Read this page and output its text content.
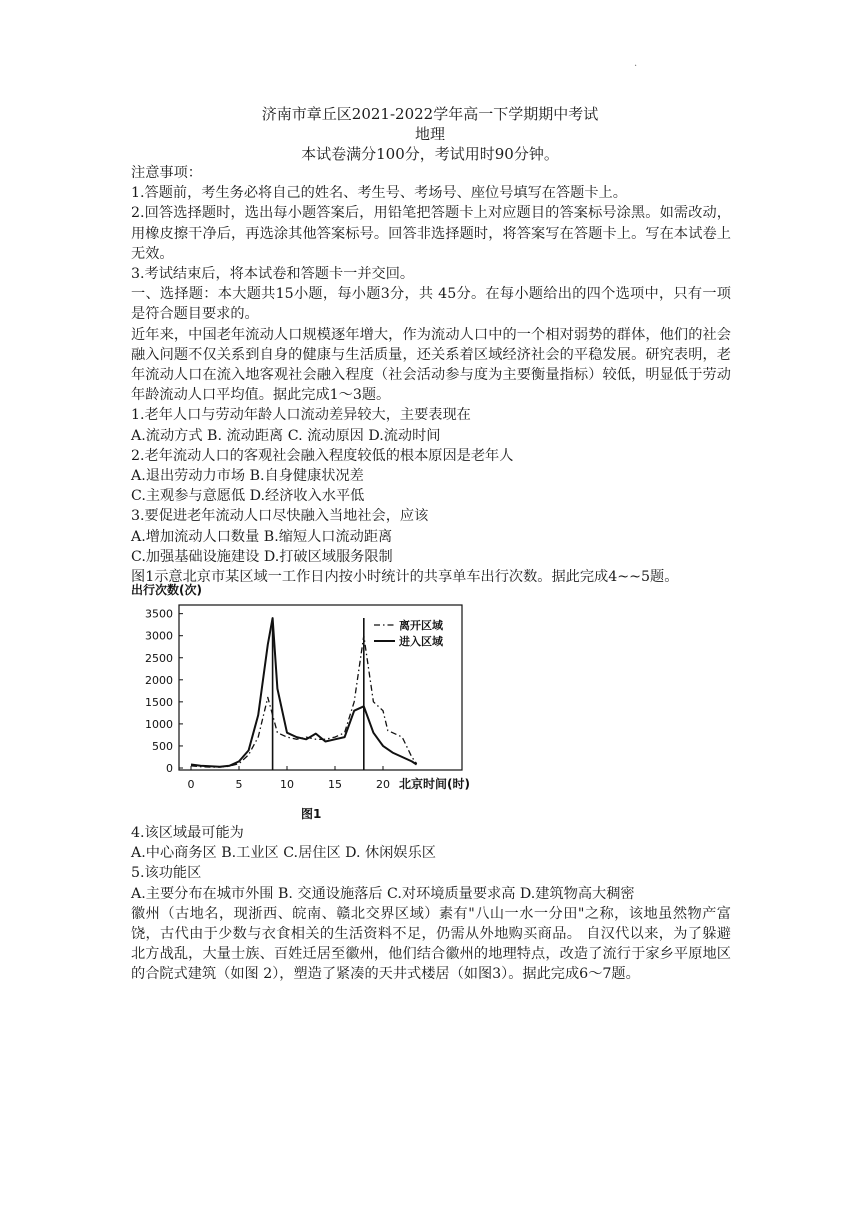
.
济南市章丘区2021-2022学年高一下学期期中考试
地理
本试卷满分100分，考试用时90分钟。

注意事项：

1.答题前，考生务必将自己的姓名、考生号、考场号、座位号填写在答题卡上。

2.回答选择题时，选出每小题答案后，用铅笔把答题卡上对应题目的答案标号涂黑。如需改动，用橡皮擦干净后，再选涂其他答案标号。回答非选择题时，将答案写在答题卡上。写在本试卷上无效。

3.考试结束后，将本试卷和答题卡一并交回。

一、选择题：本大题共15小题，每小题3分，共 45分。在每小题给出的四个选项中，只有一项是符合题目要求的。

近年来，中国老年流动人口规模逐年增大，作为流动人口中的一个相对弱势的群体，他们的社会融入问题不仅关系到自身的健康与生活质量，还关系着区域经济社会的平稳发展。研究表明，老年流动人口在流入地客观社会融入程度（社会活动参与度为主要衡量指标）较低，明显低于劳动年龄流动人口平均值。据此完成1～3题。

1.老年人口与劳动年龄人口流动差异较大，主要表现在

A.流动方式 B. 流动距离 C. 流动原因 D.流动时间

2.老年流动人口的客观社会融入程度较低的根本原因是老年人

A.退出劳动力市场 B.自身健康状况差

C.主观参与意愿低 D.经济收入水平低

3.要促进老年流动人口尽快融入当地社会，应该

A.增加流动人口数量 B.缩短人口流动距离

C.加强基础设施建设 D.打破区域服务限制

图1示意北京市某区域一工作日内按小时统计的共享单车出行次数。据此完成4~~5题。

出行次数(次)
3500
3000
2500
2000
1500
1000
500
0
0	5	10	15	20
离开区域
进入区域
北京时间(时)
图1

4.该区域最可能为

A.中心商务区 B.工业区 C.居住区 D. 休闲娱乐区

5.该功能区

A.主要分布在城市外围 B. 交通设施落后 C.对环境质量要求高 D.建筑物高大稠密

徽州（古地名，现浙西、皖南、赣北交界区域）素有"八山一水一分田"之称，该地虽然物产富饶，古代由于少数与衣食相关的生活资料不足，仍需从外地购买商品。 自汉代以来，为了躲避北方战乱，大量士族、百姓迁居至徽州，他们结合徽州的地理特点，改造了流行于家乡平原地区的合院式建筑（如图 2），塑造了紧凑的天井式楼居（如图3）。据此完成6～7题。
